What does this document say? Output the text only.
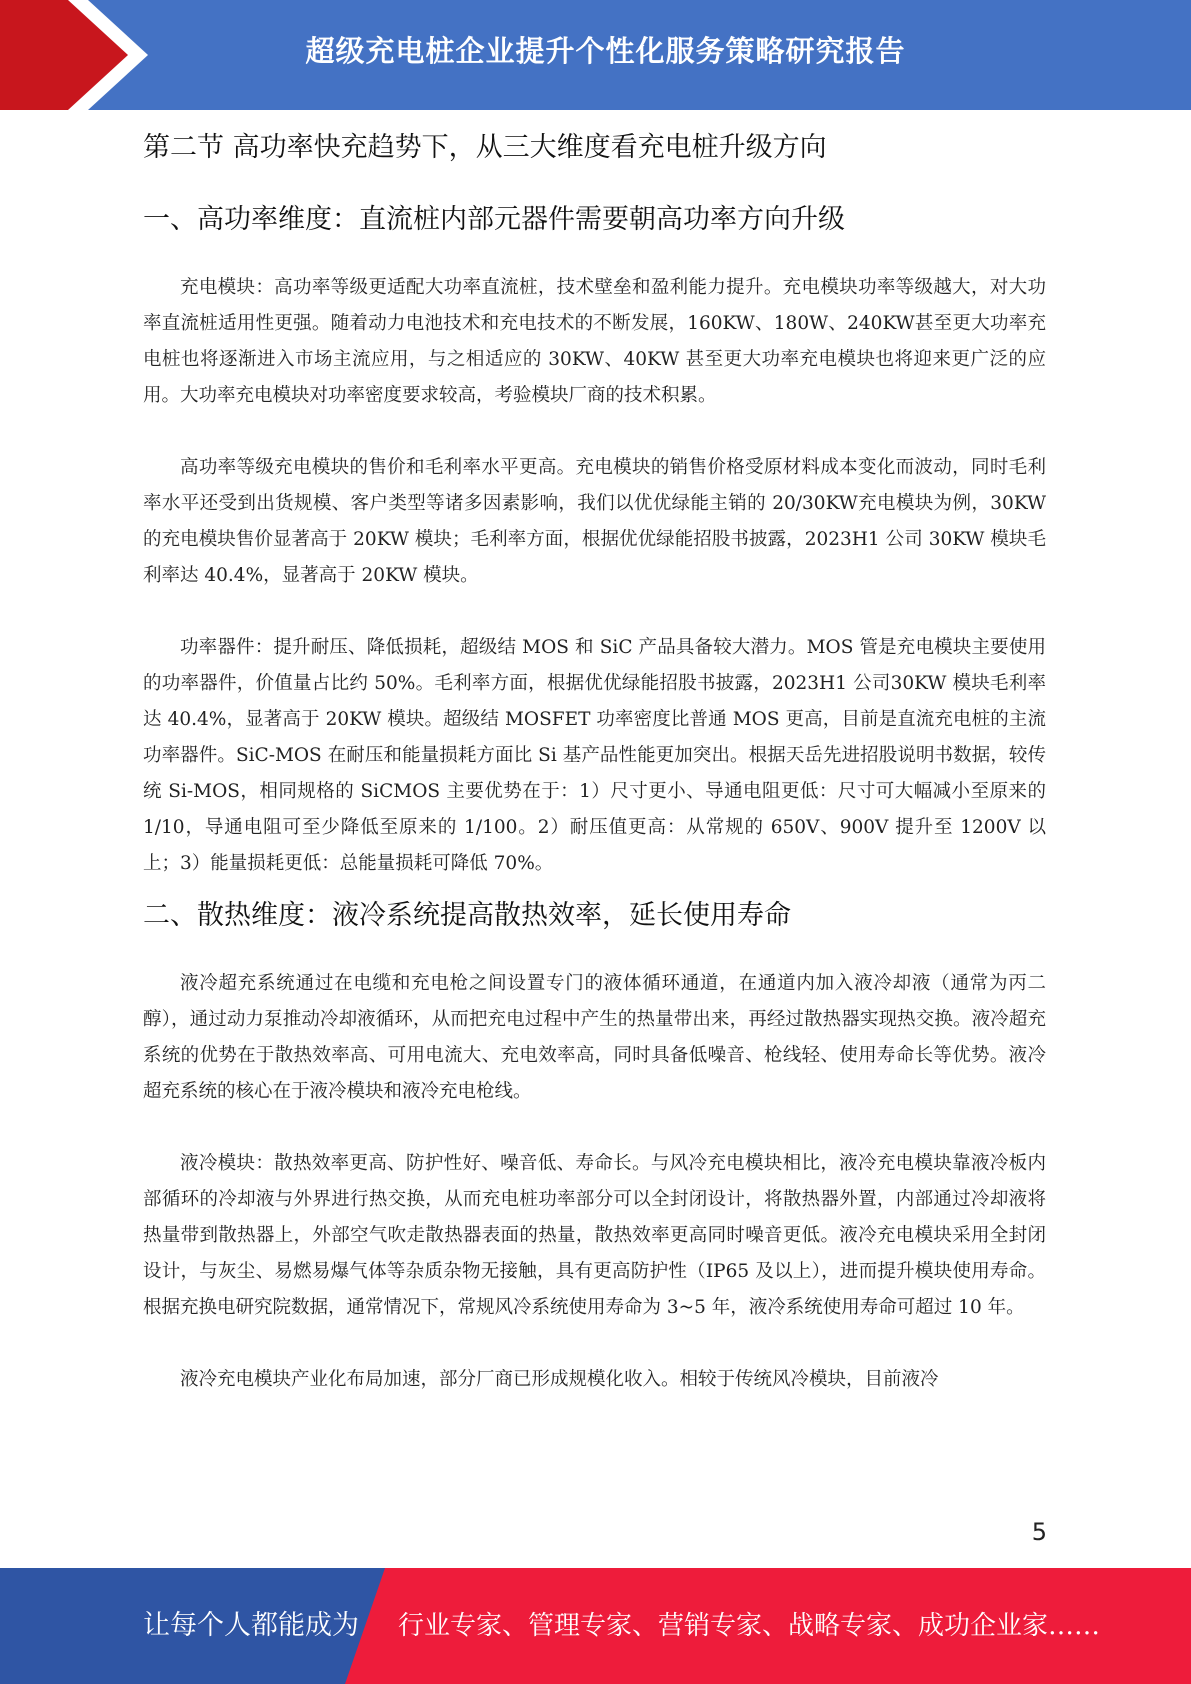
超级充电桩企业提升个性化服务策略研究报告
第二节 高功率快充趋势下，从三大维度看充电桩升级方向
一、高功率维度：直流桩内部元器件需要朝高功率方向升级

充电模块：高功率等级更适配大功率直流桩，技术壁垒和盈利能力提升。充电模块功率等级越大，对大功率直流桩适用性更强。随着动力电池技术和充电技术的不断发展，160KW、180W、240KW甚至更大功率充电桩也将逐渐进入市场主流应用，与之相适应的 30KW、40KW 甚至更大功率充电模块也将迎来更广泛的应用。大功率充电模块对功率密度要求较高，考验模块厂商的技术积累。

高功率等级充电模块的售价和毛利率水平更高。充电模块的销售价格受原材料成本变化而波动，同时毛利率水平还受到出货规模、客户类型等诸多因素影响，我们以优优绿能主销的 20/30KW充电模块为例，30KW 的充电模块售价显著高于 20KW 模块；毛利率方面，根据优优绿能招股书披露，2023H1 公司 30KW 模块毛利率达 40.4%，显著高于 20KW 模块。

功率器件：提升耐压、降低损耗，超级结 MOS 和 SiC 产品具备较大潜力。MOS 管是充电模块主要使用的功率器件，价值量占比约 50%。毛利率方面，根据优优绿能招股书披露，2023H1 公司30KW 模块毛利率达 40.4%，显著高于 20KW 模块。超级结 MOSFET 功率密度比普通 MOS 更高，目前是直流充电桩的主流功率器件。SiC-MOS 在耐压和能量损耗方面比 Si 基产品性能更加突出。根据天岳先进招股说明书数据，较传统 Si-MOS，相同规格的 SiCMOS 主要优势在于：1）尺寸更小、导通电阻更低：尺寸可大幅减小至原来的 1/10，导通电阻可至少降低至原来的 1/100。2）耐压值更高：从常规的 650V、900V 提升至 1200V 以上；3）能量损耗更低：总能量损耗可降低 70%。

二、散热维度：液冷系统提高散热效率，延长使用寿命

液冷超充系统通过在电缆和充电枪之间设置专门的液体循环通道，在通道内加入液冷却液（通常为丙二醇），通过动力泵推动冷却液循环，从而把充电过程中产生的热量带出来，再经过散热器实现热交换。液冷超充系统的优势在于散热效率高、可用电流大、充电效率高，同时具备低噪音、枪线轻、使用寿命长等优势。液冷超充系统的核心在于液冷模块和液冷充电枪线。

液冷模块：散热效率更高、防护性好、噪音低、寿命长。与风冷充电模块相比，液冷充电模块靠液冷板内部循环的冷却液与外界进行热交换，从而充电桩功率部分可以全封闭设计，将散热器外置，内部通过冷却液将热量带到散热器上，外部空气吹走散热器表面的热量，散热效率更高同时噪音更低。液冷充电模块采用全封闭设计，与灰尘、易燃易爆气体等杂质杂物无接触，具有更高防护性（IP65 及以上），进而提升模块使用寿命。根据充换电研究院数据，通常情况下，常规风冷系统使用寿命为 3~5 年，液冷系统使用寿命可超过 10 年。

液冷充电模块产业化布局加速，部分厂商已形成规模化收入。相较于传统风冷模块，目前液冷

5
让每个人都能成为 行业专家、管理专家、营销专家、战略专家、成功企业家……
